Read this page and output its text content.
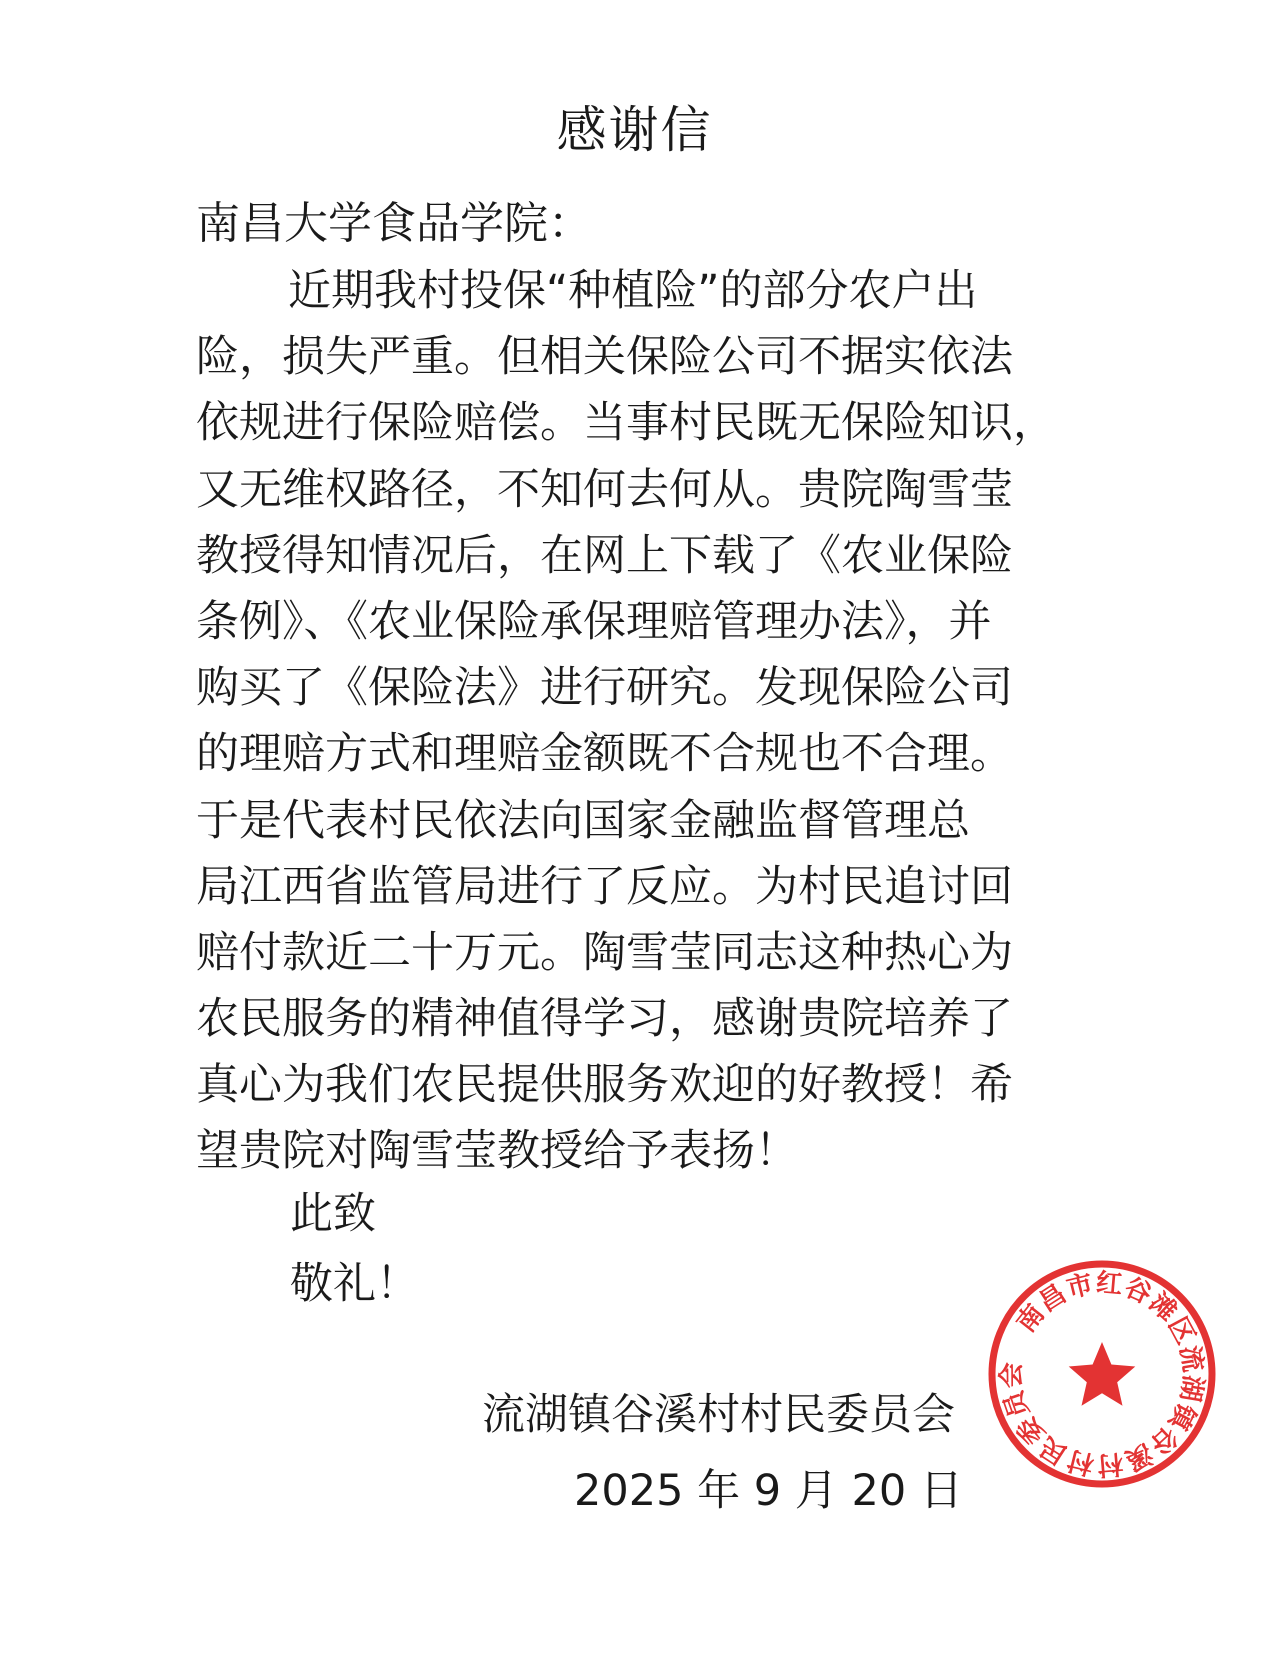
感谢信
南昌大学食品学院：
近期我村投保“种植险”的部分农户出
险，损失严重。但相关保险公司不据实依法
依规进行保险赔偿。当事村民既无保险知识，
又无维权路径，不知何去何从。贵院陶雪莹
教授得知情况后，在网上下载了《农业保险
条例》、《农业保险承保理赔管理办法》，并
购买了《保险法》进行研究。发现保险公司
的理赔方式和理赔金额既不合规也不合理。
于是代表村民依法向国家金融监督管理总
局江西省监管局进行了反应。为村民追讨回
赔付款近二十万元。陶雪莹同志这种热心为
农民服务的精神值得学习，感谢贵院培养了
真心为我们农民提供服务欢迎的好教授！希
望贵院对陶雪莹教授给予表扬！
此致
敬礼！
流湖镇谷溪村村民委员会
2025 年 9 月 20 日
南昌市红谷滩区流湖镇谷溪村村民委员会
